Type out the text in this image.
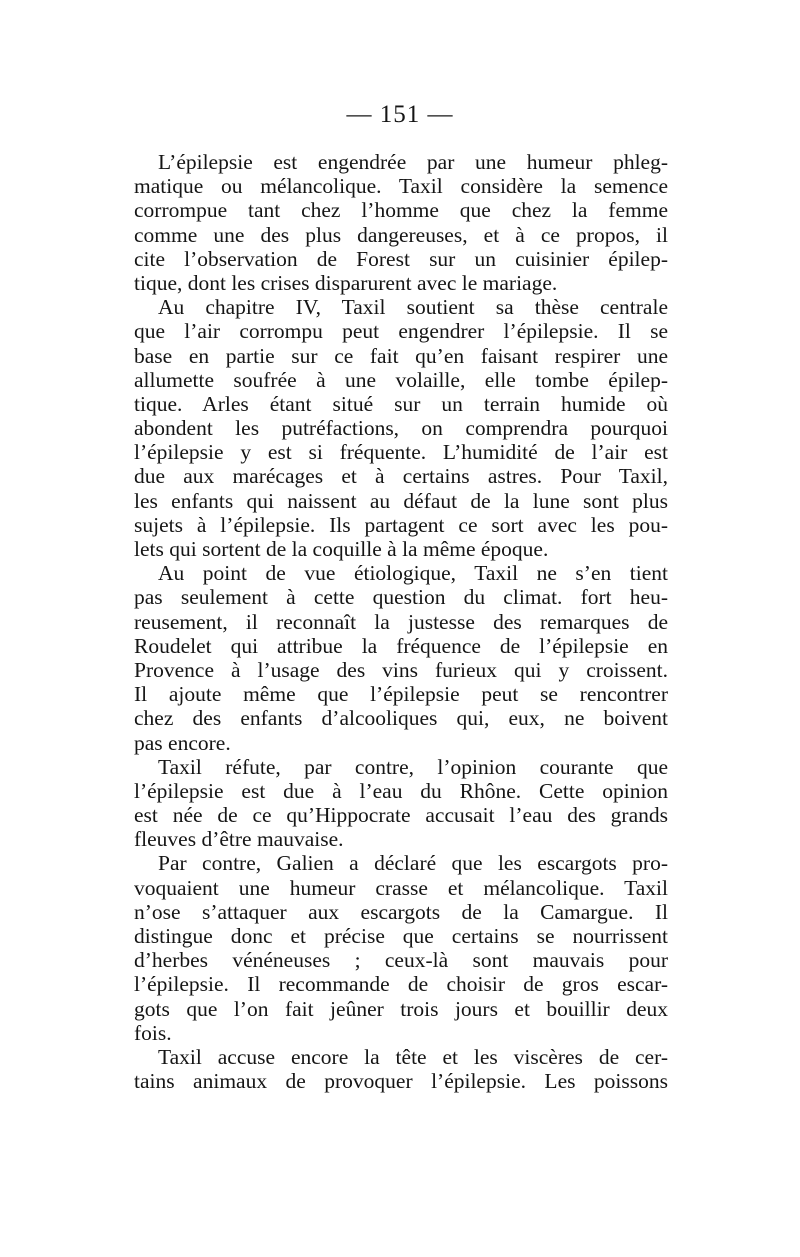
— 151 —
L’épilepsie est engendrée par une humeur phleg-
matique ou mélancolique. Taxil considère la semence
corrompue tant chez l’homme que chez la femme
comme une des plus dangereuses, et à ce propos, il
cite l’observation de Forest sur un cuisinier épilep-
tique, dont les crises disparurent avec le mariage.
Au chapitre IV, Taxil soutient sa thèse centrale
que l’air corrompu peut engendrer l’épilepsie. Il se
base en partie sur ce fait qu’en faisant respirer une
allumette soufrée à une volaille, elle tombe épilep-
tique. Arles étant situé sur un terrain humide où
abondent les putréfactions, on comprendra pourquoi
l’épilepsie y est si fréquente. L’humidité de l’air est
due aux marécages et à certains astres. Pour Taxil,
les enfants qui naissent au défaut de la lune sont plus
sujets à l’épilepsie. Ils partagent ce sort avec les pou-
lets qui sortent de la coquille à la même époque.
Au point de vue étiologique, Taxil ne s’en tient
pas seulement à cette question du climat. fort heu-
reusement, il reconnaît la justesse des remarques de
Roudelet qui attribue la fréquence de l’épilepsie en
Provence à l’usage des vins furieux qui y croissent.
Il ajoute même que l’épilepsie peut se rencontrer
chez des enfants d’alcooliques qui, eux, ne boivent
pas encore.
Taxil réfute, par contre, l’opinion courante que
l’épilepsie est due à l’eau du Rhône. Cette opinion
est née de ce qu’Hippocrate accusait l’eau des grands
fleuves d’être mauvaise.
Par contre, Galien a déclaré que les escargots pro-
voquaient une humeur crasse et mélancolique. Taxil
n’ose s’attaquer aux escargots de la Camargue. Il
distingue donc et précise que certains se nourrissent
d’herbes vénéneuses ; ceux-là sont mauvais pour
l’épilepsie. Il recommande de choisir de gros escar-
gots que l’on fait jeûner trois jours et bouillir deux
fois.
Taxil accuse encore la tête et les viscères de cer-
tains animaux de provoquer l’épilepsie. Les poissons
